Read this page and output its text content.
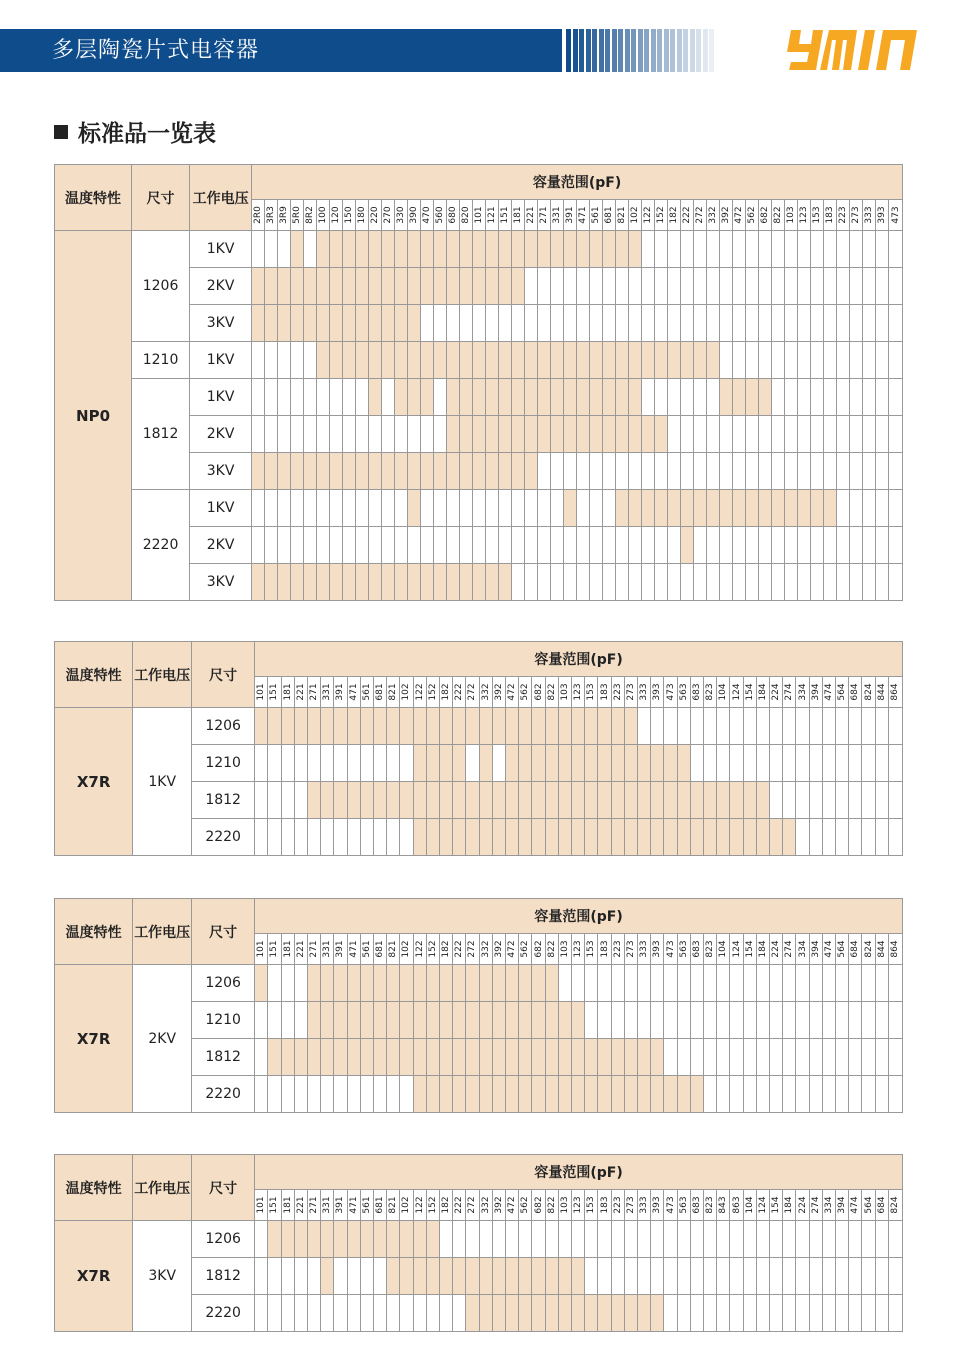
多层陶瓷片式电容器
标准品一览表
温度特性	尺寸	工作电压	容量范围(pF)																																																	

			2R0	3R3	3R9	5R0	8R2	100	120	150	180	220	270	330	390	470	560	680	820	101	121	151	181	221	271	331	391	471	561	681	821	102	122	152	182	222	272	332	392	472	562	682	822	103	123	153	183	223	273	333	393	473

NP0	1206	1KV																																																		
		2KV																																																		
		3KV																																																		
	1210	1KV																																																		
	1812	1KV																																																		
		2KV																																																		
		3KV																																																		
	2220	1KV																																																		
		2KV																																																		
		3KV																																																		
温度特性	工作电压	尺寸	容量范围(pF)																																																

			101	151	181	221	271	331	391	471	561	681	821	102	122	152	182	222	272	332	392	472	562	682	822	103	123	153	183	223	273	333	393	473	563	683	823	104	124	154	184	224	274	334	394	474	564	684	824	844	864

X7R	1KV	1206																																																	
		1210																																																	
		1812																																																	
		2220																																																	
温度特性	工作电压	尺寸	容量范围(pF)																																																

			101	151	181	221	271	331	391	471	561	681	821	102	122	152	182	222	272	332	392	472	562	682	822	103	123	153	183	223	273	333	393	473	563	683	823	104	124	154	184	224	274	334	394	474	564	684	824	844	864

X7R	2KV	1206																																																	
		1210																																																	
		1812																																																	
		2220																																																	
温度特性	工作电压	尺寸	容量范围(pF)																																																

			101	151	181	221	271	331	391	471	561	681	821	102	122	152	182	222	272	332	392	472	562	682	822	103	123	153	183	223	273	333	393	473	563	683	823	843	863	104	124	154	184	224	274	334	394	474	564	684	824

X7R	3KV	1206																																																	
		1812																																																	
		2220																																																	
